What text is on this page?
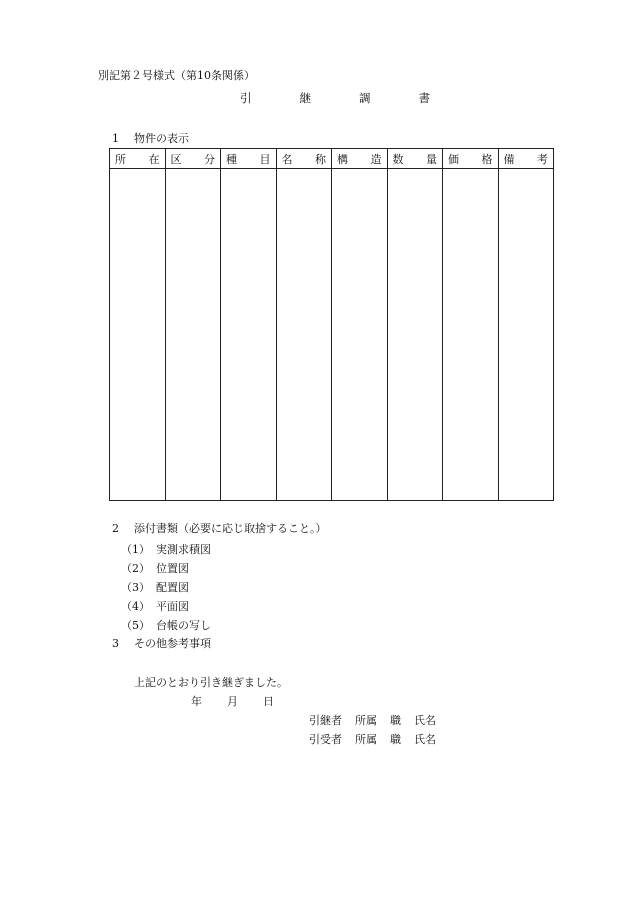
別記第２号様式（第10条関係）
引	継	調	書
1 物件の表示
所 在	区 分	種 目	名 称	構 造	数 量	価 格	備 考

2 添付書類（必要に応じ取捨すること。）
（1） 実測求積図
（2） 位置図
（3） 配置図
（4） 平面図
（5） 台帳の写し
3 その他参考事項
上記のとおり引き継ぎました。
年 月 日
引継者 所属 職 氏名
引受者 所属 職 氏名
